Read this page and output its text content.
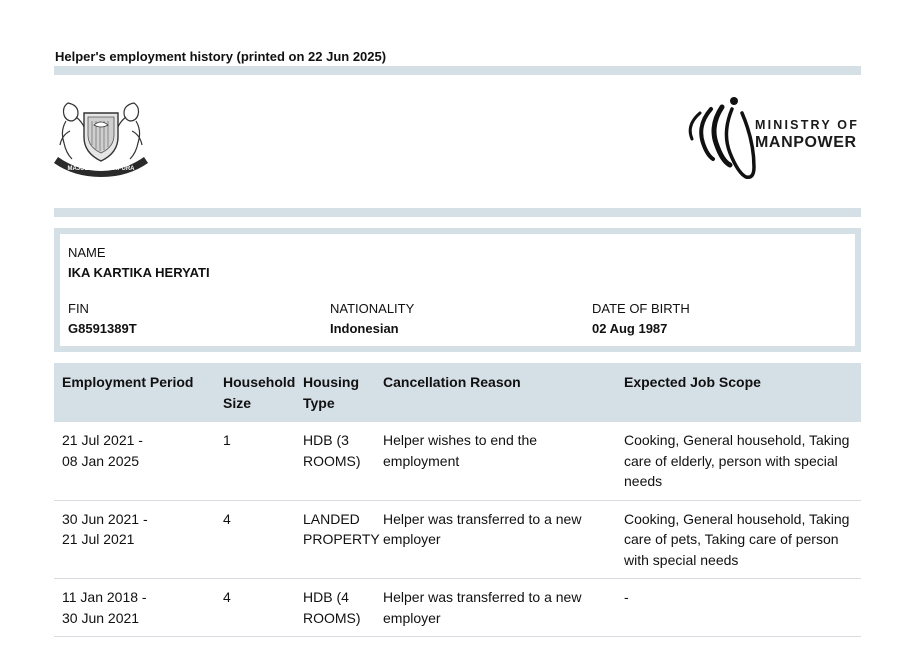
Helper's employment history (printed on 22 Jun 2025)
MAJULAH SINGAPURA
MINISTRY OF
MANPOWER
NAME
IKA KARTIKA HERYATI
FIN
G8591389T
NATIONALITY
Indonesian
DATE OF BIRTH
02 Aug 1987
Employment Period	Household Size	Housing Type	Cancellation Reason	Expected Job Scope

21 Jul 2021 - 08 Jan 2025	1	HDB (3 ROOMS)	Helper wishes to end the employment	Cooking, General household, Taking care of elderly, person with special needs

30 Jun 2021 - 21 Jul 2021	4	LANDED PROPERTY	Helper was transferred to a new employer	Cooking, General household, Taking care of pets, Taking care of person with special needs

11 Jan 2018 - 30 Jun 2021	4	HDB (4 ROOMS)	Helper was transferred to a new employer	-
